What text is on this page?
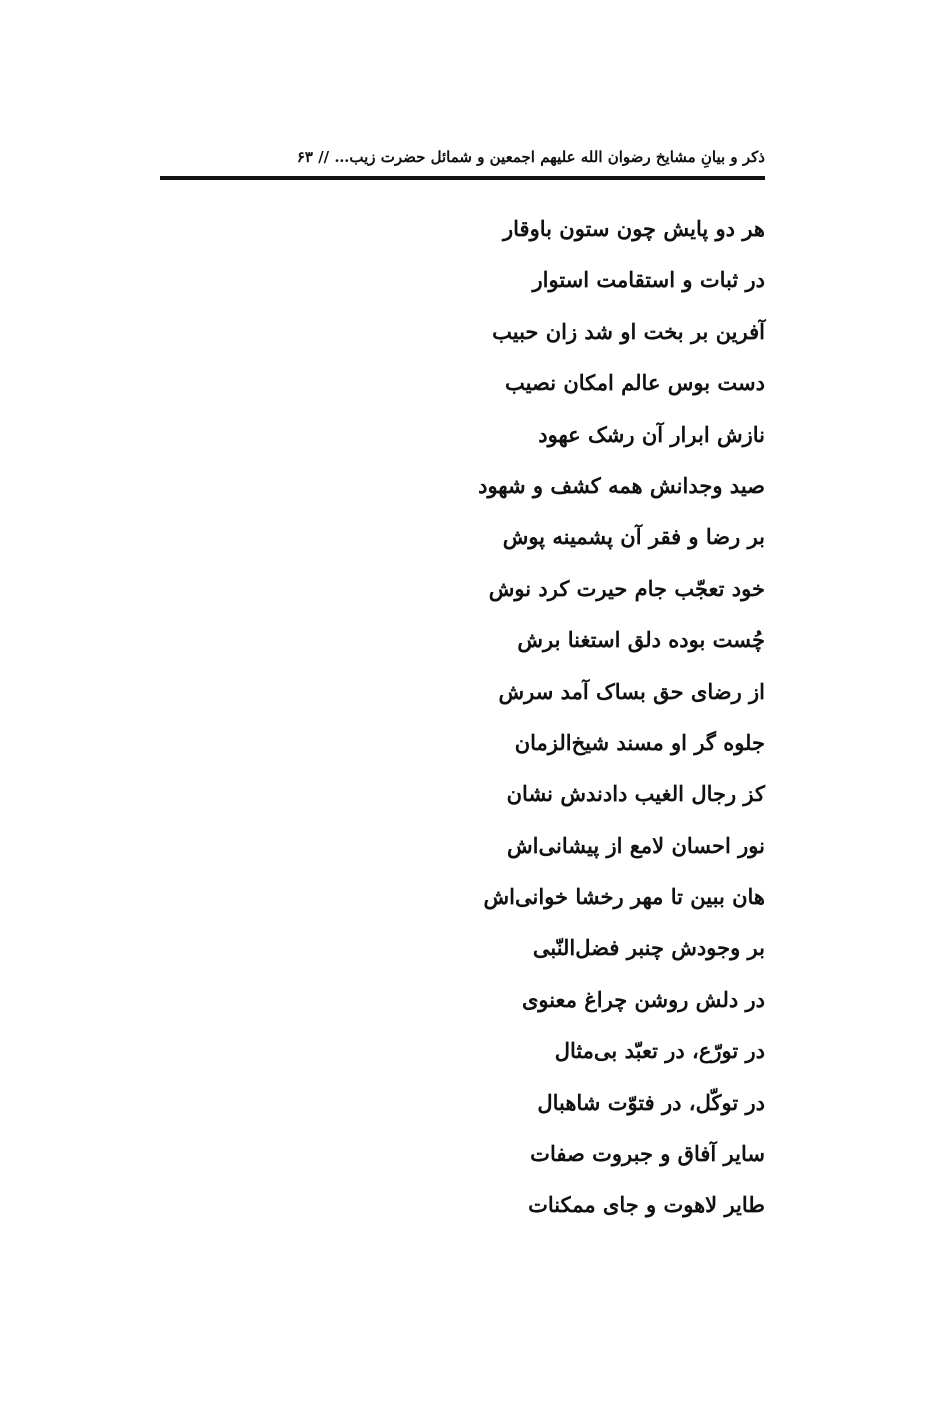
ذکر و بیانِ مشایخ رضوان الله علیهم اجمعین و شمائل حضرت زیب… // ۶۳
هر دو پایش چون ستون باوقار
در ثبات و استقامت استوار
آفرین بر بخت او شد زان حبیب
دست بوس عالم امکان نصیب
نازش ابرار آن رشک عهود
صید وجدانش همه کشف و شهود
بر رضا و فقر آن پشمینه پوش
خود تعجّب جام حیرت کرد نوش
چُست بوده دلق استغنا برش
از رضای حق بساک آمد سرش
جلوه گر او مسند شیخ‌الزمان
کز رجال الغیب دادندش نشان
نور احسان لامع از پیشانی‌اش
هان ببین تا مهر رخشا خوانی‌اش
بر وجودش چنبر فضل‌النّبی
در دلش روشن چراغ معنوی
در تورّع، در تعبّد بی‌مثال
در توکّل، در فتوّت شاهبال
سایر آفاق و جبروت صفات
طایر لاهوت و جای ممکنات
